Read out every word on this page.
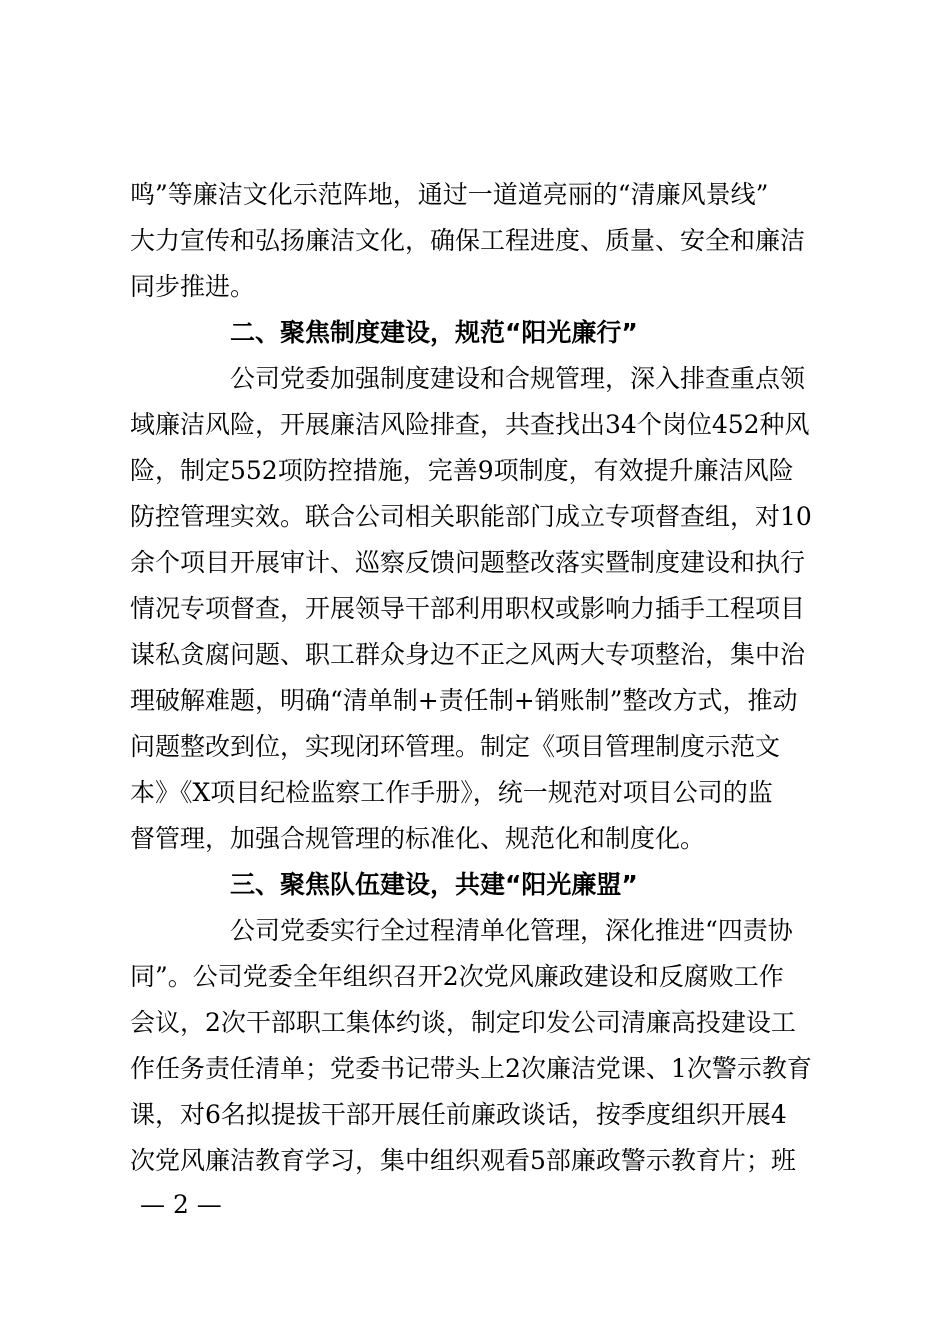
鸣”等廉洁文化示范阵地，通过一道道亮丽的“清廉风景线”
大力宣传和弘扬廉洁文化，确保工程进度、质量、安全和廉洁
同步推进。
二、聚焦制度建设，规范“阳光廉行”
公司党委加强制度建设和合规管理，深入排查重点领
域廉洁风险，开展廉洁风险排查，共查找出34个岗位452种风
险，制定552项防控措施，完善9项制度，有效提升廉洁风险
防控管理实效。联合公司相关职能部门成立专项督查组，对10
余个项目开展审计、巡察反馈问题整改落实暨制度建设和执行
情况专项督查，开展领导干部利用职权或影响力插手工程项目
谋私贪腐问题、职工群众身边不正之风两大专项整治，集中治
理破解难题，明确“清单制+责任制+销账制”整改方式，推动
问题整改到位，实现闭环管理。制定《项目管理制度示范文
本》《X项目纪检监察工作手册》，统一规范对项目公司的监
督管理，加强合规管理的标准化、规范化和制度化。
三、聚焦队伍建设，共建“阳光廉盟”
公司党委实行全过程清单化管理，深化推进“四责协
同”。公司党委全年组织召开2次党风廉政建设和反腐败工作
会议，2次干部职工集体约谈，制定印发公司清廉高投建设工
作任务责任清单；党委书记带头上2次廉洁党课、1次警示教育
课，对6名拟提拔干部开展任前廉政谈话，按季度组织开展4
次党风廉洁教育学习，集中组织观看5部廉政警示教育片；班
— 2 —
